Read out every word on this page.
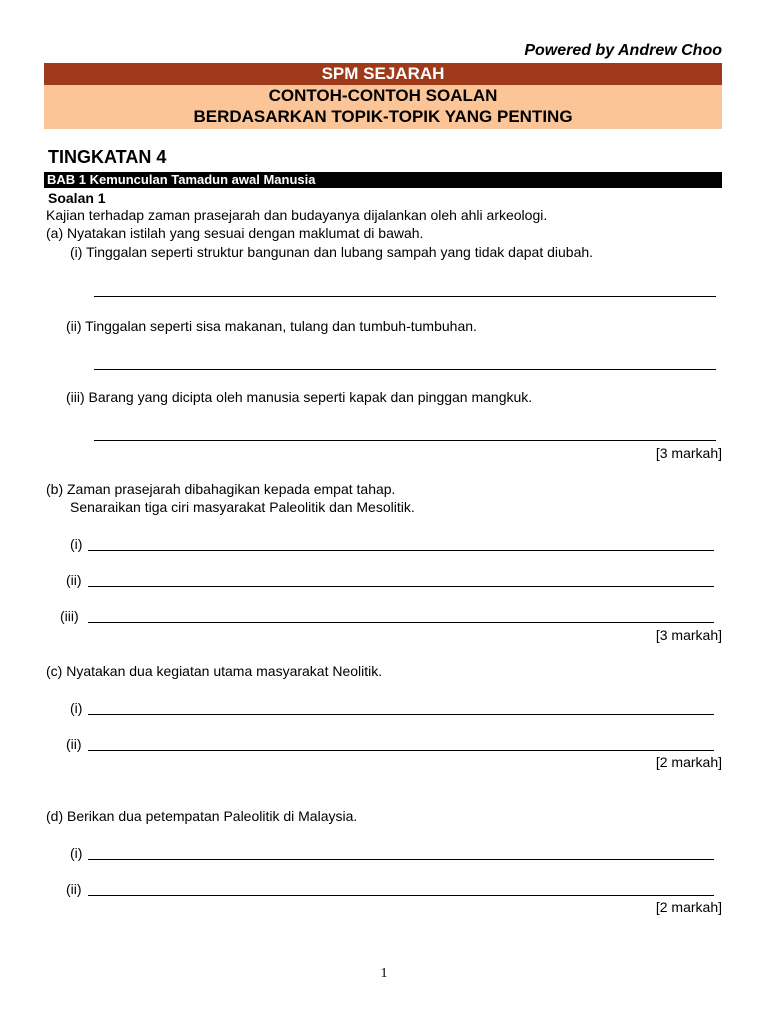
Powered by Andrew Choo
SPM SEJARAH
CONTOH-CONTOH SOALAN
BERDASARKAN TOPIK-TOPIK YANG PENTING
TINGKATAN 4
BAB 1 Kemunculan Tamadun awal Manusia
Soalan 1
Kajian terhadap zaman prasejarah dan budayanya dijalankan oleh ahli arkeologi.
(a) Nyatakan istilah yang sesuai dengan maklumat di bawah.
(i) Tinggalan seperti struktur bangunan dan lubang sampah yang tidak dapat diubah.
(ii) Tinggalan seperti sisa makanan, tulang dan tumbuh-tumbuhan.
(iii) Barang yang dicipta oleh manusia seperti kapak dan pinggan mangkuk.
[3 markah]
(b) Zaman prasejarah dibahagikan kepada empat tahap.
Senaraikan tiga ciri masyarakat Paleolitik dan Mesolitik.
(i)
(ii)
(iii)
[3 markah]
(c) Nyatakan dua kegiatan utama masyarakat Neolitik.
(i)
(ii)
[2 markah]
(d) Berikan dua petempatan Paleolitik di Malaysia.
(i)
(ii)
[2 markah]
1
